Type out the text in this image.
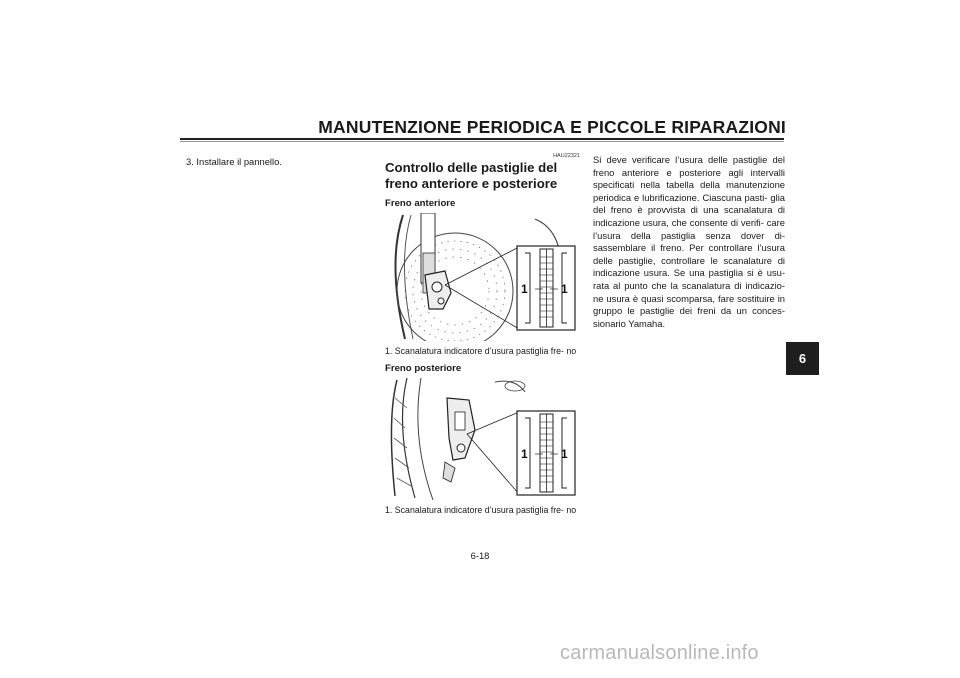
MANUTENZIONE PERIODICA E PICCOLE RIPARAZIONI
3. Installare il pannello.	HAU22321
Controllo delle pastiglie del freno anteriore e posteriore
Freno anteriore
1	1
1. Scanalatura indicatore d’usura pastiglia fre- no
Freno posteriore
1	1
1. Scanalatura indicatore d’usura pastiglia fre- no
Si deve verificare l’usura delle pastiglie del freno anteriore e posteriore agli intervalli specificati nella tabella della manutenzione periodica e lubrificazione. Ciascuna pasti- glia del freno è provvista di una scanalatura di indicazione usura, che consente di verifi- care l’usura della pastiglia senza dover di- sassemblare il freno. Per controllare l’usura delle pastiglie, controllare le scanalature di indicazione usura. Se una pastiglia si è usu- rata al punto che la scanalatura di indicazio- ne usura è quasi scomparsa, fare sostituire in gruppo le pastiglie dei freni da un conces- sionario Yamaha.
6
6-18
carmanualsonline.info
